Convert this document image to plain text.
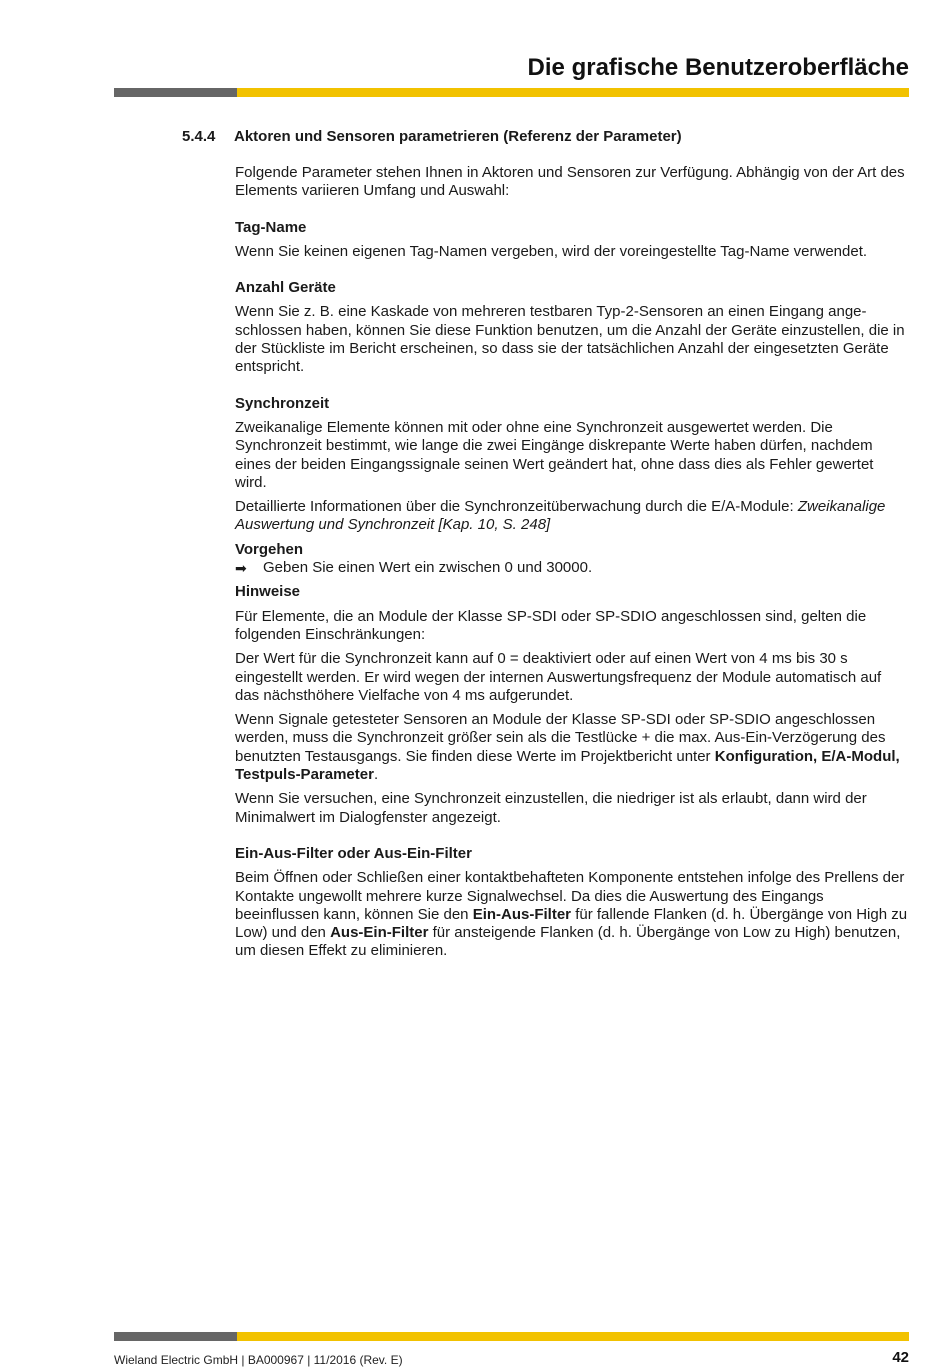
Die grafische Benutzeroberfläche
5.4.4 Aktoren und Sensoren parametrieren (Referenz der Parameter)

Folgende Parameter stehen Ihnen in Aktoren und Sensoren zur Verfügung. Abhängig von der Art des Elements variieren Umfang und Auswahl:

Tag-Name

Wenn Sie keinen eigenen Tag-Namen vergeben, wird der voreingestellte Tag-Name verwendet.

Anzahl Geräte

Wenn Sie z. B. eine Kaskade von mehreren testbaren Typ-2-Sensoren an einen Eingang angeschlossen haben, können Sie diese Funktion benutzen, um die Anzahl der Geräte einzustellen, die in der Stückliste im Bericht erscheinen, so dass sie der tatsächlichen Anzahl der eingesetzten Geräte entspricht.

Synchronzeit

Zweikanalige Elemente können mit oder ohne eine Synchronzeit ausgewertet werden. Die Synchronzeit bestimmt, wie lange die zwei Eingänge diskrepante Werte haben dürfen, nachdem eines der beiden Eingangssignale seinen Wert geändert hat, ohne dass dies als Fehler gewertet wird.

Detaillierte Informationen über die Synchronzeitüberwachung durch die E/A-Module: Zweikanalige Auswertung und Synchronzeit [Kap. 10, S. 248]

Vorgehen

➡ Geben Sie einen Wert ein zwischen 0 und 30000.

Hinweise

Für Elemente, die an Module der Klasse SP-SDI oder SP-SDIO angeschlossen sind, gelten die folgenden Einschränkungen:

Der Wert für die Synchronzeit kann auf 0 = deaktiviert oder auf einen Wert von 4 ms bis 30 s eingestellt werden. Er wird wegen der internen Auswertungsfrequenz der Module automatisch auf das nächsthöhere Vielfache von 4 ms aufgerundet.

Wenn Signale getesteter Sensoren an Module der Klasse SP-SDI oder SP-SDIO angeschlossen werden, muss die Synchronzeit größer sein als die Testlücke + die max. Aus-Ein-Verzögerung des benutzten Testausgangs. Sie finden diese Werte im Projektbericht unter Konfiguration, E/A-Modul, Testpuls-Parameter.

Wenn Sie versuchen, eine Synchronzeit einzustellen, die niedriger ist als erlaubt, dann wird der Minimalwert im Dialogfenster angezeigt.

Ein-Aus-Filter oder Aus-Ein-Filter

Beim Öffnen oder Schließen einer kontaktbehafteten Komponente entstehen infolge des Prellens der Kontakte ungewollt mehrere kurze Signalwechsel. Da dies die Auswertung des Eingangs beeinflussen kann, können Sie den Ein-Aus-Filter für fallende Flanken (d. h. Übergänge von High zu Low) und den Aus-Ein-Filter für ansteigende Flanken (d. h. Übergänge von Low zu High) benutzen, um diesen Effekt zu eliminieren.

Wieland Electric GmbH | BA000967 | 11/2016 (Rev. E)	42
